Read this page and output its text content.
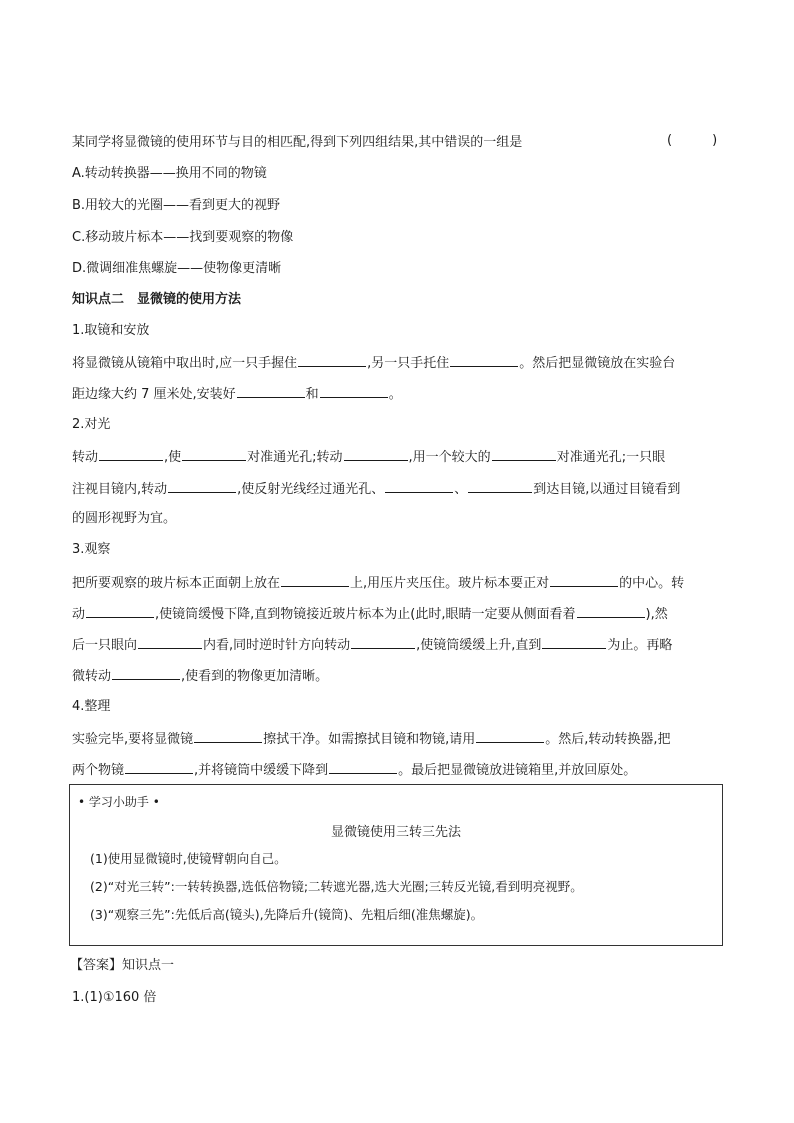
某同学将显微镜的使用环节与目的相匹配,得到下列四组结果,其中错误的一组是	(	)
A.转动转换器——换用不同的物镜
B.用较大的光圈——看到更大的视野
C.移动玻片标本——找到要观察的物像
D.微调细准焦螺旋——使物像更清晰
知识点二　显微镜的使用方法
1.取镜和安放
将显微镜从镜箱中取出时,应一只手握住	,另一只手托住	。然后把显微镜放在实验台
距边缘大约 7 厘米处,安装好	和	。
2.对光
转动	,使	对准通光孔;转动	,用一个较大的	对准通光孔;一只眼
注视目镜内,转动	,使反射光线经过通光孔、	、	到达目镜,以通过目镜看到
的圆形视野为宜。
3.观察
把所要观察的玻片标本正面朝上放在	上,用压片夹压住。玻片标本要正对	的中心。转
动	,使镜筒缓慢下降,直到物镜接近玻片标本为止(此时,眼睛一定要从侧面看着	),然
后一只眼向	内看,同时逆时针方向转动	,使镜筒缓缓上升,直到	为止。再略
微转动	,使看到的物像更加清晰。
4.整理
实验完毕,要将显微镜	擦拭干净。如需擦拭目镜和物镜,请用	。然后,转动转换器,把
两个物镜	,并将镜筒中缓缓下降到	。最后把显微镜放进镜箱里,并放回原处。
• 学习小助手 •
显微镜使用三转三先法
(1)使用显微镜时,使镜臂朝向自己。
(2)“对光三转”:一转转换器,选低倍物镜;二转遮光器,选大光圈;三转反光镜,看到明亮视野。
(3)“观察三先”:先低后高(镜头),先降后升(镜筒)、先粗后细(准焦螺旋)。
【答案】知识点一
1.(1)①160 倍
